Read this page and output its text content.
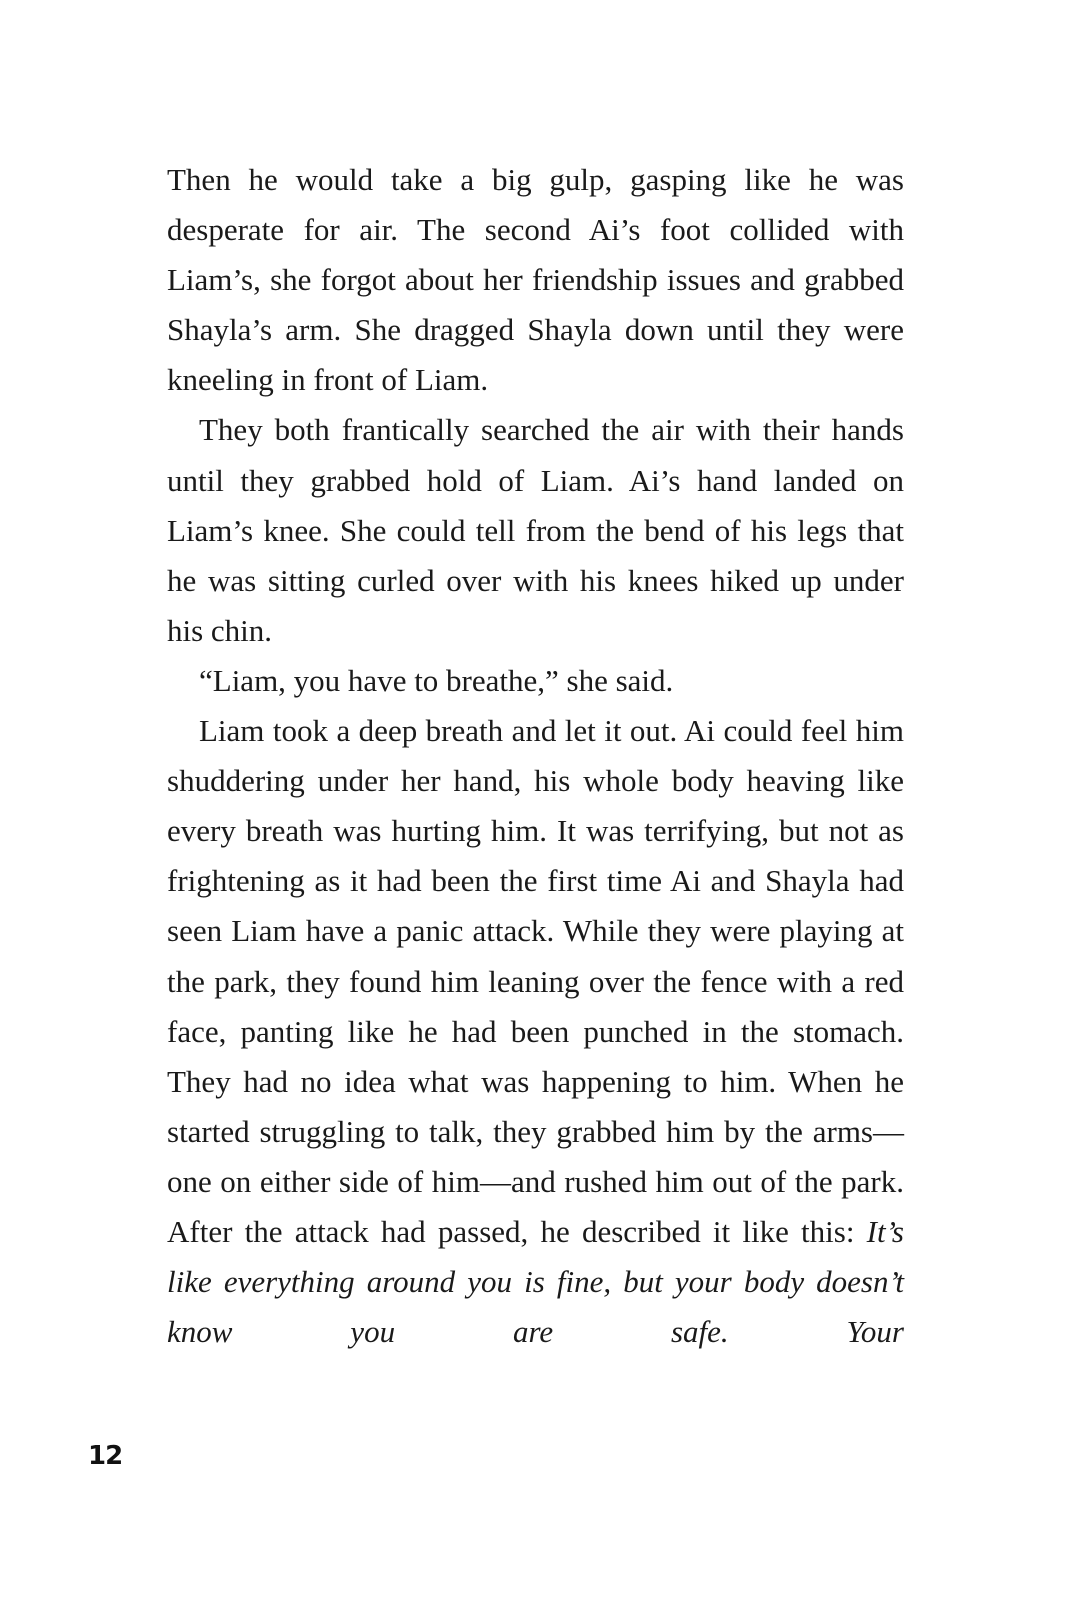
Then he would take a big gulp, gasping like he was desperate for air. The second Ai’s foot collided with Liam’s, she forgot about her friendship issues and grabbed Shayla’s arm. She dragged Shayla down until they were kneeling in front of Liam.

They both frantically searched the air with their hands until they grabbed hold of Liam. Ai’s hand landed on Liam’s knee. She could tell from the bend of his legs that he was sitting curled over with his knees hiked up under his chin.

“Liam, you have to breathe,” she said.

Liam took a deep breath and let it out. Ai could feel him shuddering under her hand, his whole body heaving like every breath was hurting him. It was terrifying, but not as frightening as it had been the first time Ai and Shayla had seen Liam have a panic attack. While they were playing at the park, they found him leaning over the fence with a red face, panting like he had been punched in the stomach. They had no idea what was happening to him. When he started struggling to talk, they grabbed him by the arms—one on either side of him—and rushed him out of the park. After the attack had passed, he described it like this: It’s like everything around you is fine, but your body doesn’t know you are safe. Your

12
